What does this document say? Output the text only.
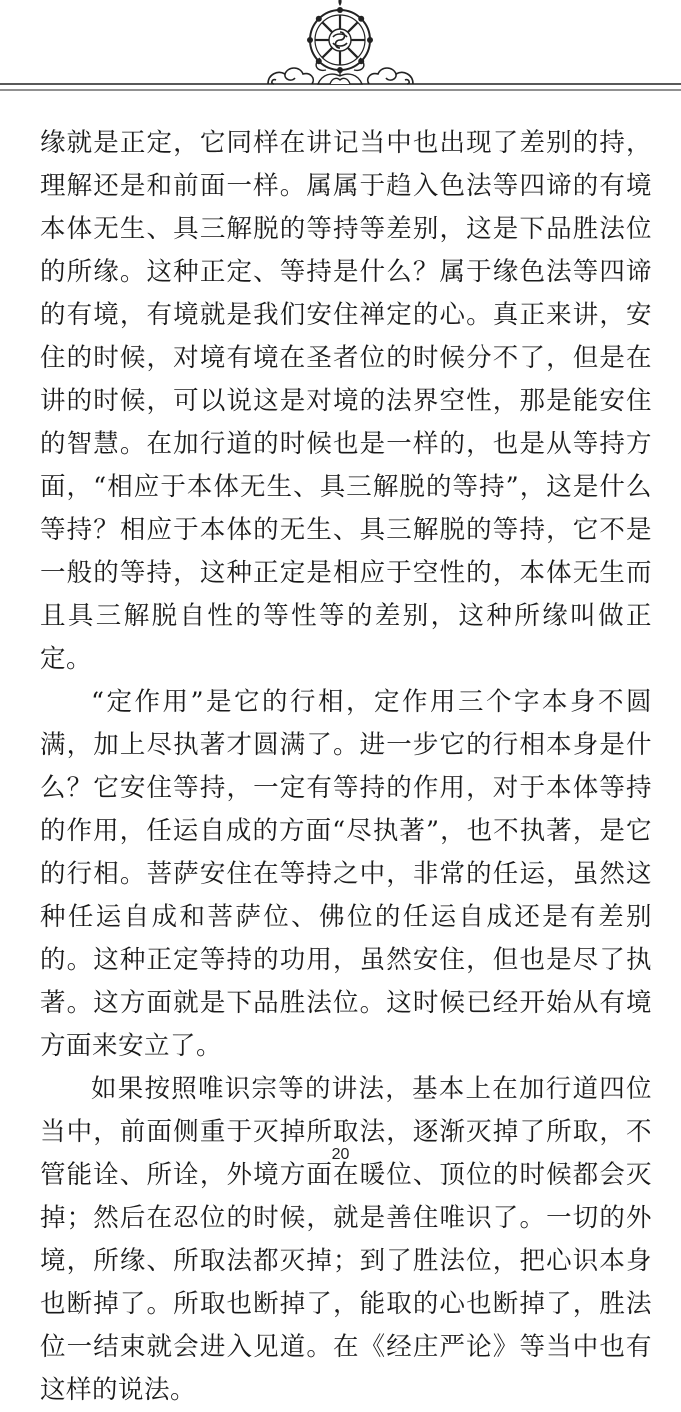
缘就是正定，它同样在讲记当中也出现了差别的持，理解还是和前面一样。属属于趋入色法等四谛的有境本体无生、具三解脱的等持等差别，这是下品胜法位的所缘。这种正定、等持是什么？属于缘色法等四谛的有境，有境就是我们安住禅定的心。真正来讲，安住的时候，对境有境在圣者位的时候分不了，但是在讲的时候，可以说这是对境的法界空性，那是能安住的智慧。在加行道的时候也是一样的，也是从等持方面，“相应于本体无生、具三解脱的等持”，这是什么等持？相应于本体的无生、具三解脱的等持，它不是一般的等持，这种正定是相应于空性的，本体无生而且具三解脱自性的等性等的差别，这种所缘叫做正定。

“定作用”是它的行相，定作用三个字本身不圆满，加上尽执著才圆满了。进一步它的行相本身是什么？它安住等持，一定有等持的作用，对于本体等持的作用，任运自成的方面“尽执著”，也不执著，是它的行相。菩萨安住在等持之中，非常的任运，虽然这种任运自成和菩萨位、佛位的任运自成还是有差别的。这种正定等持的功用，虽然安住，但也是尽了执著。这方面就是下品胜法位。这时候已经开始从有境方面来安立了。

如果按照唯识宗等的讲法，基本上在加行道四位当中，前面侧重于灭掉所取法，逐渐灭掉了所取，不管能诠、所诠，外境方面在暖位、顶位的时候都会灭掉；然后在忍位的时候，就是善住唯识了。一切的外境，所缘、所取法都灭掉；到了胜法位，把心识本身也断掉了。所取也断掉了，能取的心也断掉了，胜法位一结束就会进入见道。在《经庄严论》等当中也有这样的说法。

20
